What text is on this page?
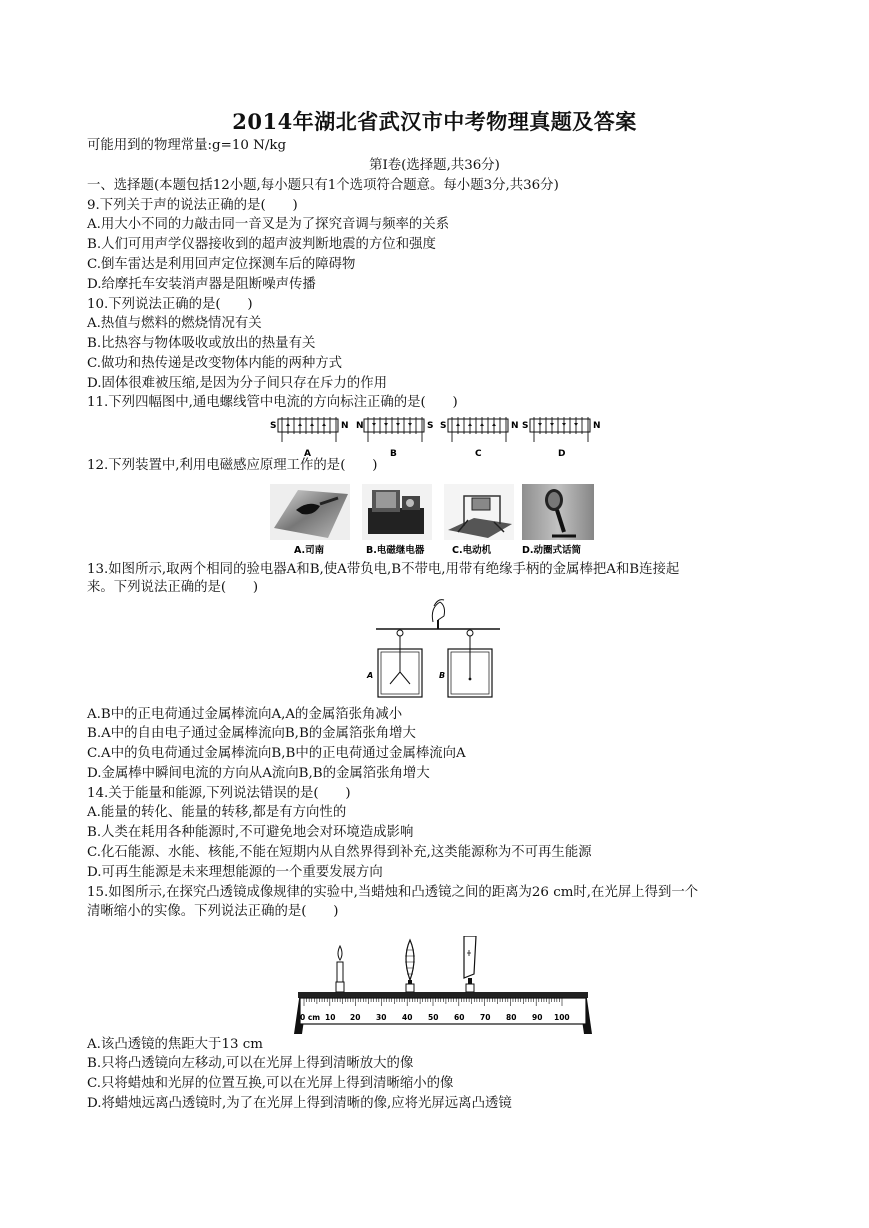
2014年湖北省武汉市中考物理真题及答案
可能用到的物理常量:g=10 N/kg
第Ⅰ卷(选择题,共36分)
一、选择题(本题包括12小题,每小题只有1个选项符合题意。每小题3分,共36分)
9.下列关于声的说法正确的是(　　)
A.用大小不同的力敲击同一音叉是为了探究音调与频率的关系
B.人们可用声学仪器接收到的超声波判断地震的方位和强度
C.倒车雷达是利用回声定位探测车后的障碍物
D.给摩托车安装消声器是阻断噪声传播
10.下列说法正确的是(　　)
A.热值与燃料的燃烧情况有关
B.比热容与物体吸收或放出的热量有关
C.做功和热传递是改变物体内能的两种方式
D.固体很难被压缩,是因为分子间只存在斥力的作用
11.下列四幅图中,通电螺线管中电流的方向标注正确的是(　　)
S	N
A
N	S
B
S	N
C
S	N
D
12.下列装置中,利用电磁感应原理工作的是(　　)
A.司南	B.电磁继电器	C.电动机	D.动圈式话筒
13.如图所示,取两个相同的验电器A和B,使A带负电,B不带电,用带有绝缘手柄的金属棒把A和B连接起
来。下列说法正确的是(　　)
A	B
A.B中的正电荷通过金属棒流向A,A的金属箔张角减小
B.A中的自由电子通过金属棒流向B,B的金属箔张角增大
C.A中的负电荷通过金属棒流向B,B中的正电荷通过金属棒流向A
D.金属棒中瞬间电流的方向从A流向B,B的金属箔张角增大
14.关于能量和能源,下列说法错误的是(　　)
A.能量的转化、能量的转移,都是有方向性的
B.人类在耗用各种能源时,不可避免地会对环境造成影响
C.化石能源、水能、核能,不能在短期内从自然界得到补充,这类能源称为不可再生能源
D.可再生能源是未来理想能源的一个重要发展方向
15.如图所示,在探究凸透镜成像规律的实验中,当蜡烛和凸透镜之间的距离为26 cm时,在光屏上得到一个
清晰缩小的实像。下列说法正确的是(　　)
0 cm 10 20 30 40 50 60 70 80 90 100
A.该凸透镜的焦距大于13 cm
B.只将凸透镜向左移动,可以在光屏上得到清晰放大的像
C.只将蜡烛和光屏的位置互换,可以在光屏上得到清晰缩小的像
D.将蜡烛远离凸透镜时,为了在光屏上得到清晰的像,应将光屏远离凸透镜
